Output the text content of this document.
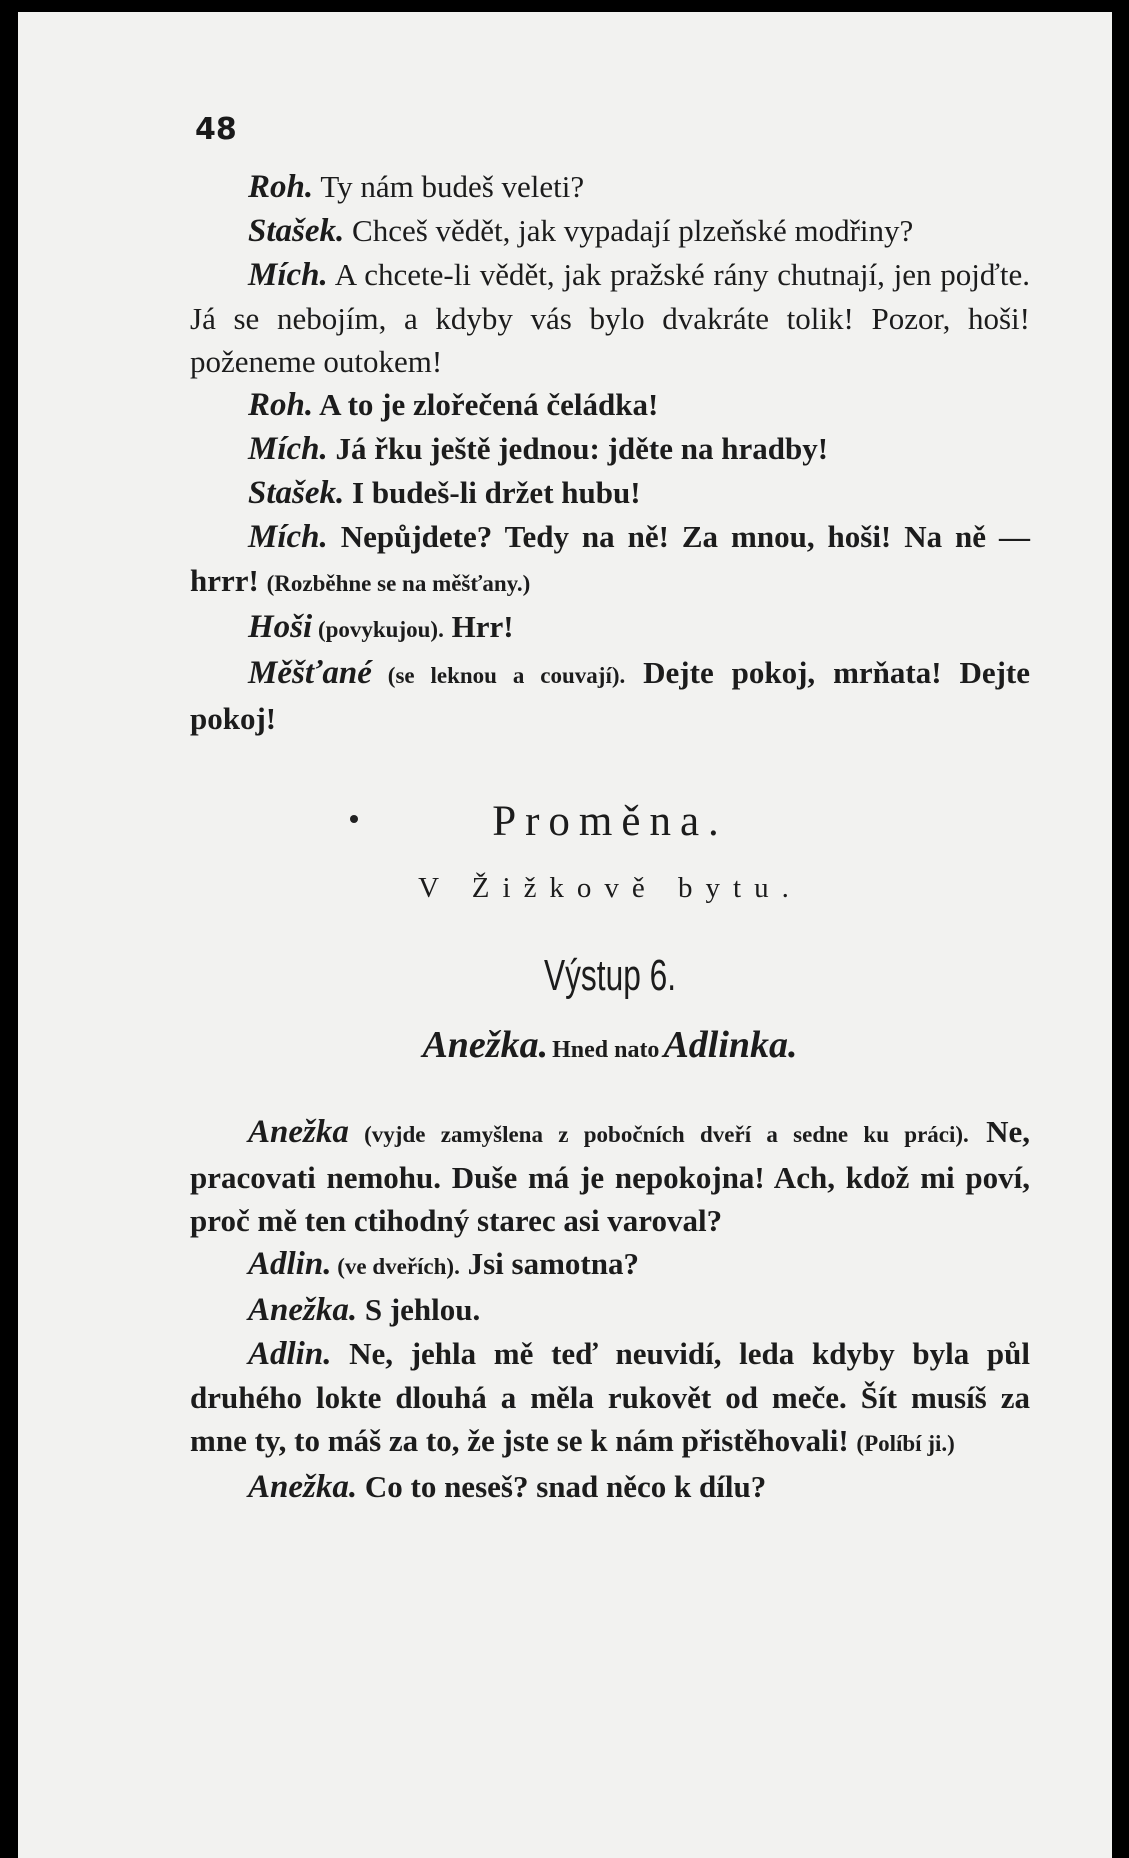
48

Roh. Ty nám budeš veleti?

Stašek. Chceš vědět, jak vypadají plzeňské modřiny?

Mích. A chcete-li vědět, jak pražské rány chutnají, jen pojďte. Já se nebojím, a kdyby vás bylo dvakráte tolik! Pozor, hoši! poženeme outokem!

Roh. A to je zlořečená čeládka!

Mích. Já řku ještě jednou: jděte na hradby!

Stašek. I budeš-li držet hubu!

Mích. Nepůjdete? Tedy na ně! Za mnou, hoši! Na ně — hrrr! (Rozběhne se na měšťany.)

Hoši (povykujou). Hrr!

Měšťané (se leknou a couvají). Dejte pokoj, mrňata! Dejte pokoj!

Proměna.
V Žižkově bytu.
Výstup 6.
Anežka. Hned nato Adlinka.

Anežka (vyjde zamyšlena z pobočních dveří a sedne ku práci). Ne, pracovati nemohu. Duše má je nepokojna! Ach, kdož mi poví, proč mě ten ctihodný starec asi varoval?

Adlin. (ve dveřích). Jsi samotna?

Anežka. S jehlou.

Adlin. Ne, jehla mě teď neuvidí, leda kdyby byla půl druhého lokte dlouhá a měla rukovět od meče. Šít musíš za mne ty, to máš za to, že jste se k nám přistěhovali! (Políbí ji.)

Anežka. Co to neseš? snad něco k dílu?
